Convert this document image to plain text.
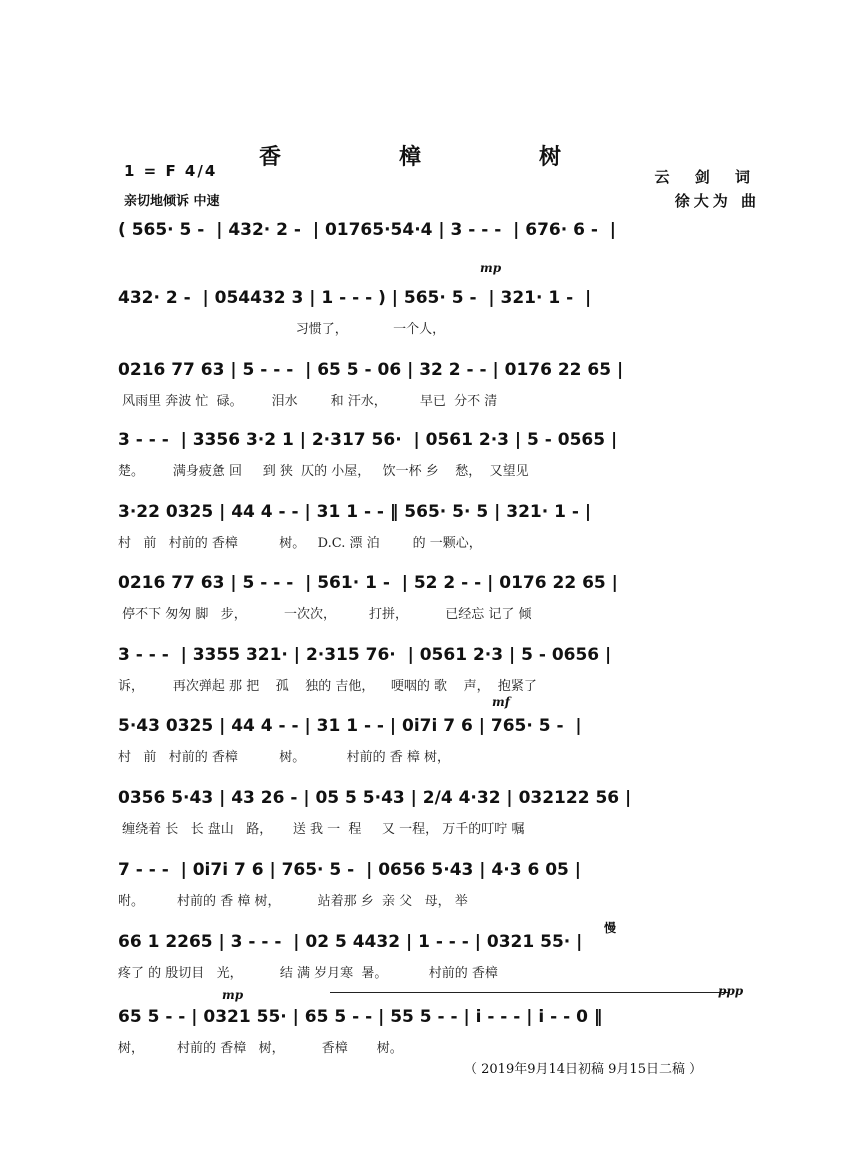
香　樟　树
1 = F 4/4
亲切地倾诉 中速
云 剑 词
徐大为 曲
( 565· 5 -  | 432· 2 -  | 01765·54·4 | 3 - - -  | 676· 6 -  |
mp
432· 2 -  | 054432 3 | 1 - - - ) | 565· 5 -  | 321· 1 -  |
习惯了，           一个人，
0216 77 63 | 5 - - -  | 65 5 - 06 | 32 2 - - | 0176 22 65 |
风雨里 奔波 忙  碌。       泪水        和 汗水，        早已  分不 清
3 - - -  | 3356 3·2 1 | 2·317 56·  | 0561 2·3 | 5 - 0565 |
楚。       满身疲惫 回     到 狭  仄的 小屋，   饮一杯 乡    愁，  又望见
3·22 0325 | 44 4 - - | 31 1 - - ‖ 565· 5· 5 | 321· 1 - |
村   前   村前的 香樟          树。   D.C. 漂 泊        的 一颗心，
0216 77 63 | 5 - - -  | 561· 1 -  | 52 2 - - | 0176 22 65 |
停不下 匆匆 脚   步，         一次次，        打拼，         已经忘 记了 倾
3 - - -  | 3355 321· | 2·315 76·  | 0561 2·3 | 5 - 0656 |
诉，       再次弹起 那 把    孤    独的 吉他，    哽咽的 歌    声，  抱紧了
mf
5·43 0325 | 44 4 - - | 31 1 - - | 0i7i 7 6 | 765· 5 -  |
村   前   村前的 香樟          树。          村前的 香 樟 树，
0356 5·43 | 43 26 - | 05 5 5·43 | 2/4 4·32 | 032122 56 |
缠绕着 长   长 盘山   路，     送 我 一  程     又 一程， 万千的叮咛 嘱
7 - - -  | 0i7i 7 6 | 765· 5 -  | 0656 5·43 | 4·3 6 05 |
咐。        村前的 香 樟 树，         站着那 乡  亲 父   母， 举
慢
66 1 2265 | 3 - - -  | 02 5 4432 | 1 - - - | 0321 55· |
疼了 的 殷切目   光，         结 满 岁月寒  暑。          村前的 香樟
mp	ppp
65 5 - - | 0321 55· | 65 5 - - | 55 5 - - | i - - - | i - - 0 ‖
树，        村前的 香樟   树，         香樟       树。
（ 2019年9月14日初稿 9月15日二稿 ）
